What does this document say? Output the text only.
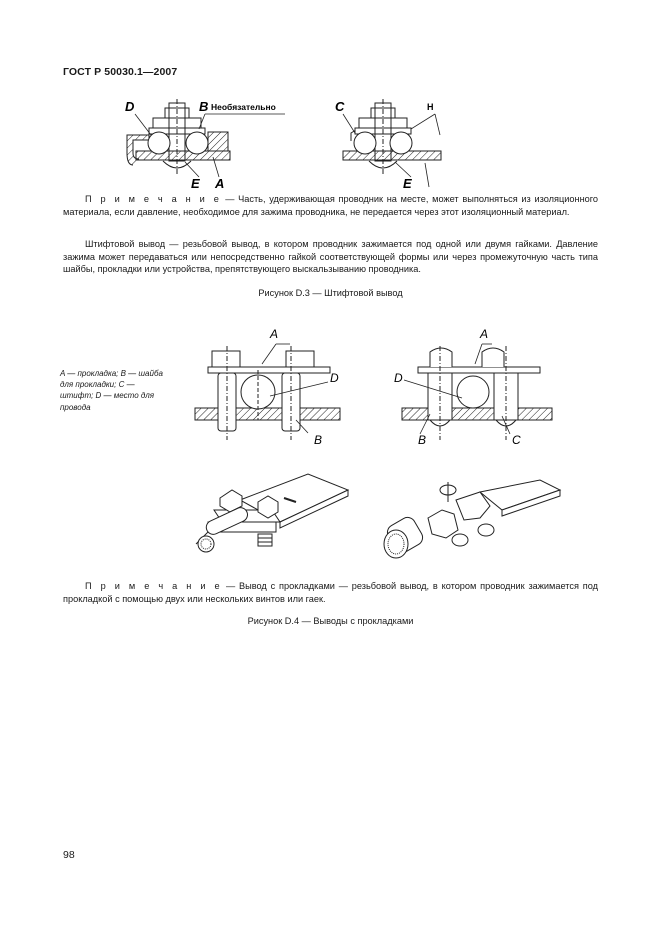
ГОСТ Р 50030.1—2007
D	B Необязательно
E A
C	H
E
П р и м е ч а н и е — Часть, удерживающая проводник на месте, может выполняться из изоляционного материала, если давление, необходимое для зажима проводника, не передается через этот изоляционный материал.
Штифтовой вывод — резьбовой вывод, в котором проводник зажимается под одной или двумя гайками. Давление зажима может передаваться или непосредственно гайкой соответствующей формы или через промежуточную часть типа шайбы, прокладки или устройства, препятствующего выскальзыванию проводника.
Рисунок D.3 — Штифтовой вывод
A — прокладка; B — шайба для прокладки; C — штифт; D — место для провода
A
D
B
A
D
B	C
П р и м е ч а н и е — Вывод с прокладками — резьбовой вывод, в котором проводник зажимается под прокладкой с помощью двух или нескольких винтов или гаек.
Рисунок D.4 — Выводы с прокладками
98
